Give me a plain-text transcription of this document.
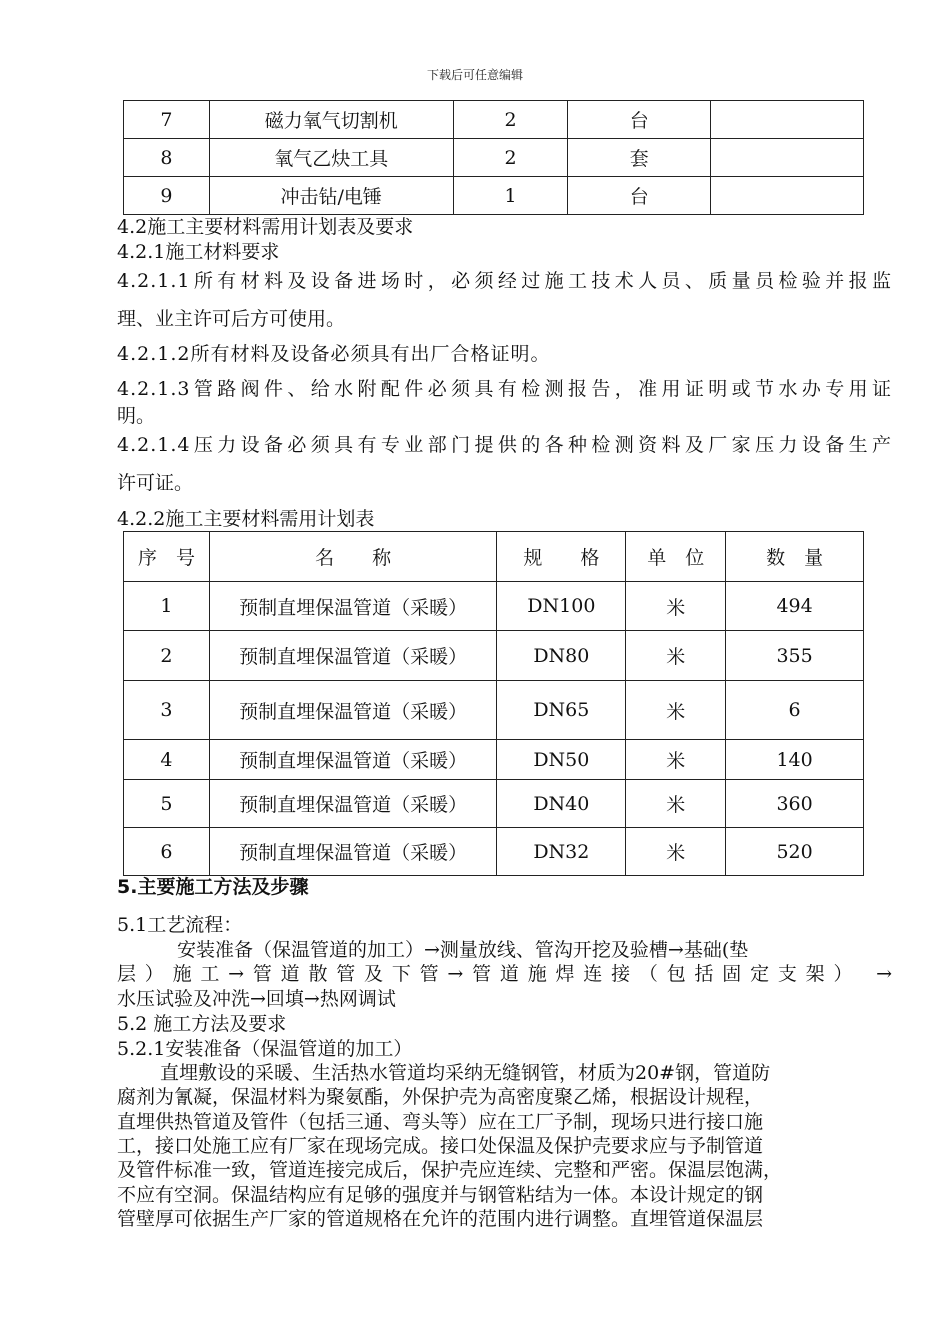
下载后可任意编辑
7	磁力氧气切割机	2	台	
8	氧气乙炔工具	2	套	
9	冲击钻/电锤	1	台	
4.2施工主要材料需用计划表及要求
4.2.1施工材料要求
4.2.1.1所有材料及设备进场时，必须经过施工技术人员、质量员检验并报监
理、业主许可后方可使用。
4.2.1.2所有材料及设备必须具有出厂合格证明。
4.2.1.3管路阀件、给水附配件必须具有检测报告，准用证明或节水办专用证
明。
4.2.1.4压力设备必须具有专业部门提供的各种检测资料及厂家压力设备生产
许可证。
4.2.2施工主要材料需用计划表
序　号	名　　称	规　　格	单　位	数　量
1	预制直埋保温管道（采暖）	DN100	米	494
2	预制直埋保温管道（采暖）	DN80	米	355
3	预制直埋保温管道（采暖）	DN65	米	6
4	预制直埋保温管道（采暖）	DN50	米	140
5	预制直埋保温管道（采暖）	DN40	米	360
6	预制直埋保温管道（采暖）	DN32	米	520
5.主要施工方法及步骤
5.1工艺流程：
安装准备（保温管道的加工）→测量放线、管沟开挖及验槽→基础(垫
层）施工→管道散管及下管→管道施焊连接（包括固定支架） →
水压试验及冲洗→回填→热网调试
5.2 施工方法及要求
5.2.1安装准备（保温管道的加工）
直埋敷设的采暖、生活热水管道均采纳无缝钢管，材质为20#钢，管道防
腐剂为氰凝，保温材料为聚氨酯，外保护壳为高密度聚乙烯，根据设计规程，
直埋供热管道及管件（包括三通、弯头等）应在工厂予制，现场只进行接口施
工，接口处施工应有厂家在现场完成。接口处保温及保护壳要求应与予制管道
及管件标准一致，管道连接完成后，保护壳应连续、完整和严密。保温层饱满，
不应有空洞。保温结构应有足够的强度并与钢管粘结为一体。本设计规定的钢
管壁厚可依据生产厂家的管道规格在允许的范围内进行调整。直埋管道保温层
